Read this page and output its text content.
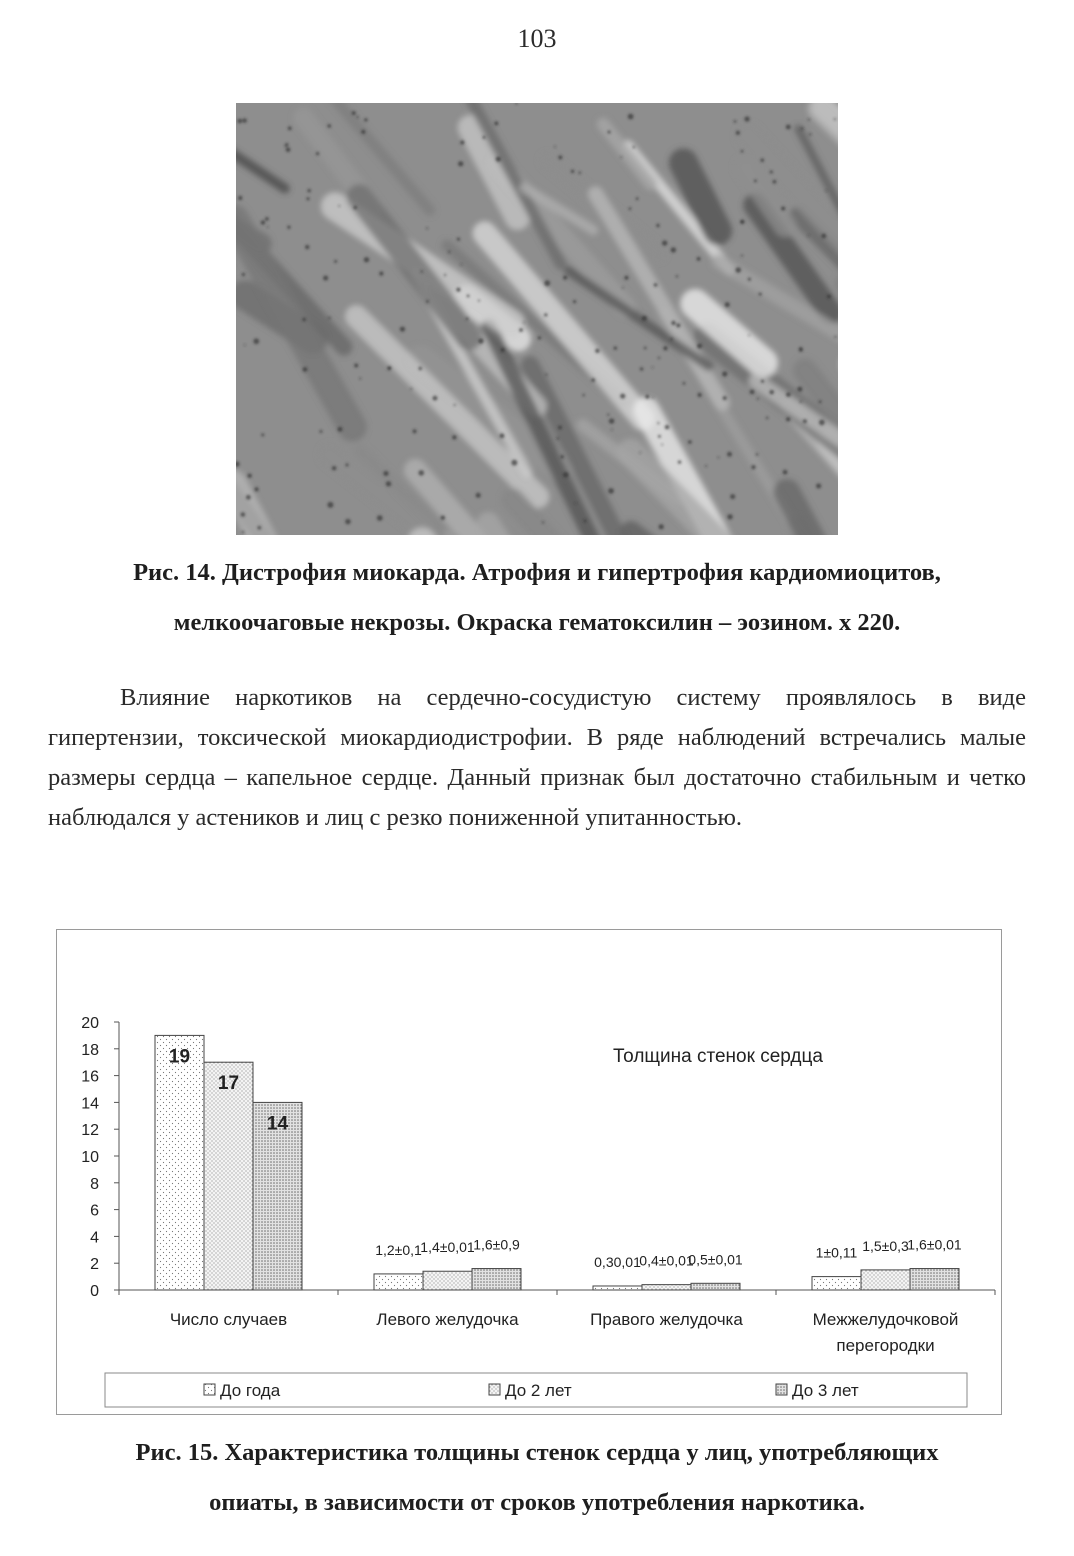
103
Рис. 14. Дистрофия миокарда. Атрофия и гипертрофия кардиомиоцитов,
мелкоочаговые некрозы. Окраска гематоксилин – эозином. х 220.
Влияние наркотиков на сердечно-сосудистую систему проявлялось в виде гипертензии, токсической миокардиодистрофии. В ряде наблюдений встречались малые размеры сердца – капельное сердце. Данный признак был достаточно стабильным и четко наблюдался у астеников и лиц с резко пониженной упитанностью.
0
2
4
6
8
10
12
14
16
18
20
19
17
14
1,2±0,1
1,4±0,01
1,6±0,9
0,30,01
0,4±0,01
0,5±0,01	1±0,11 1,5±0,3
1,6±0,01
Число случаев	Левого желудочка	Правого желудочка	Межжелудочковой
перегородки
Толщина стенок сердца
До года	До 2 лет	До 3 лет
Рис. 15. Характеристика толщины стенок сердца у лиц, употребляющих
опиаты, в зависимости от сроков употребления наркотика.
